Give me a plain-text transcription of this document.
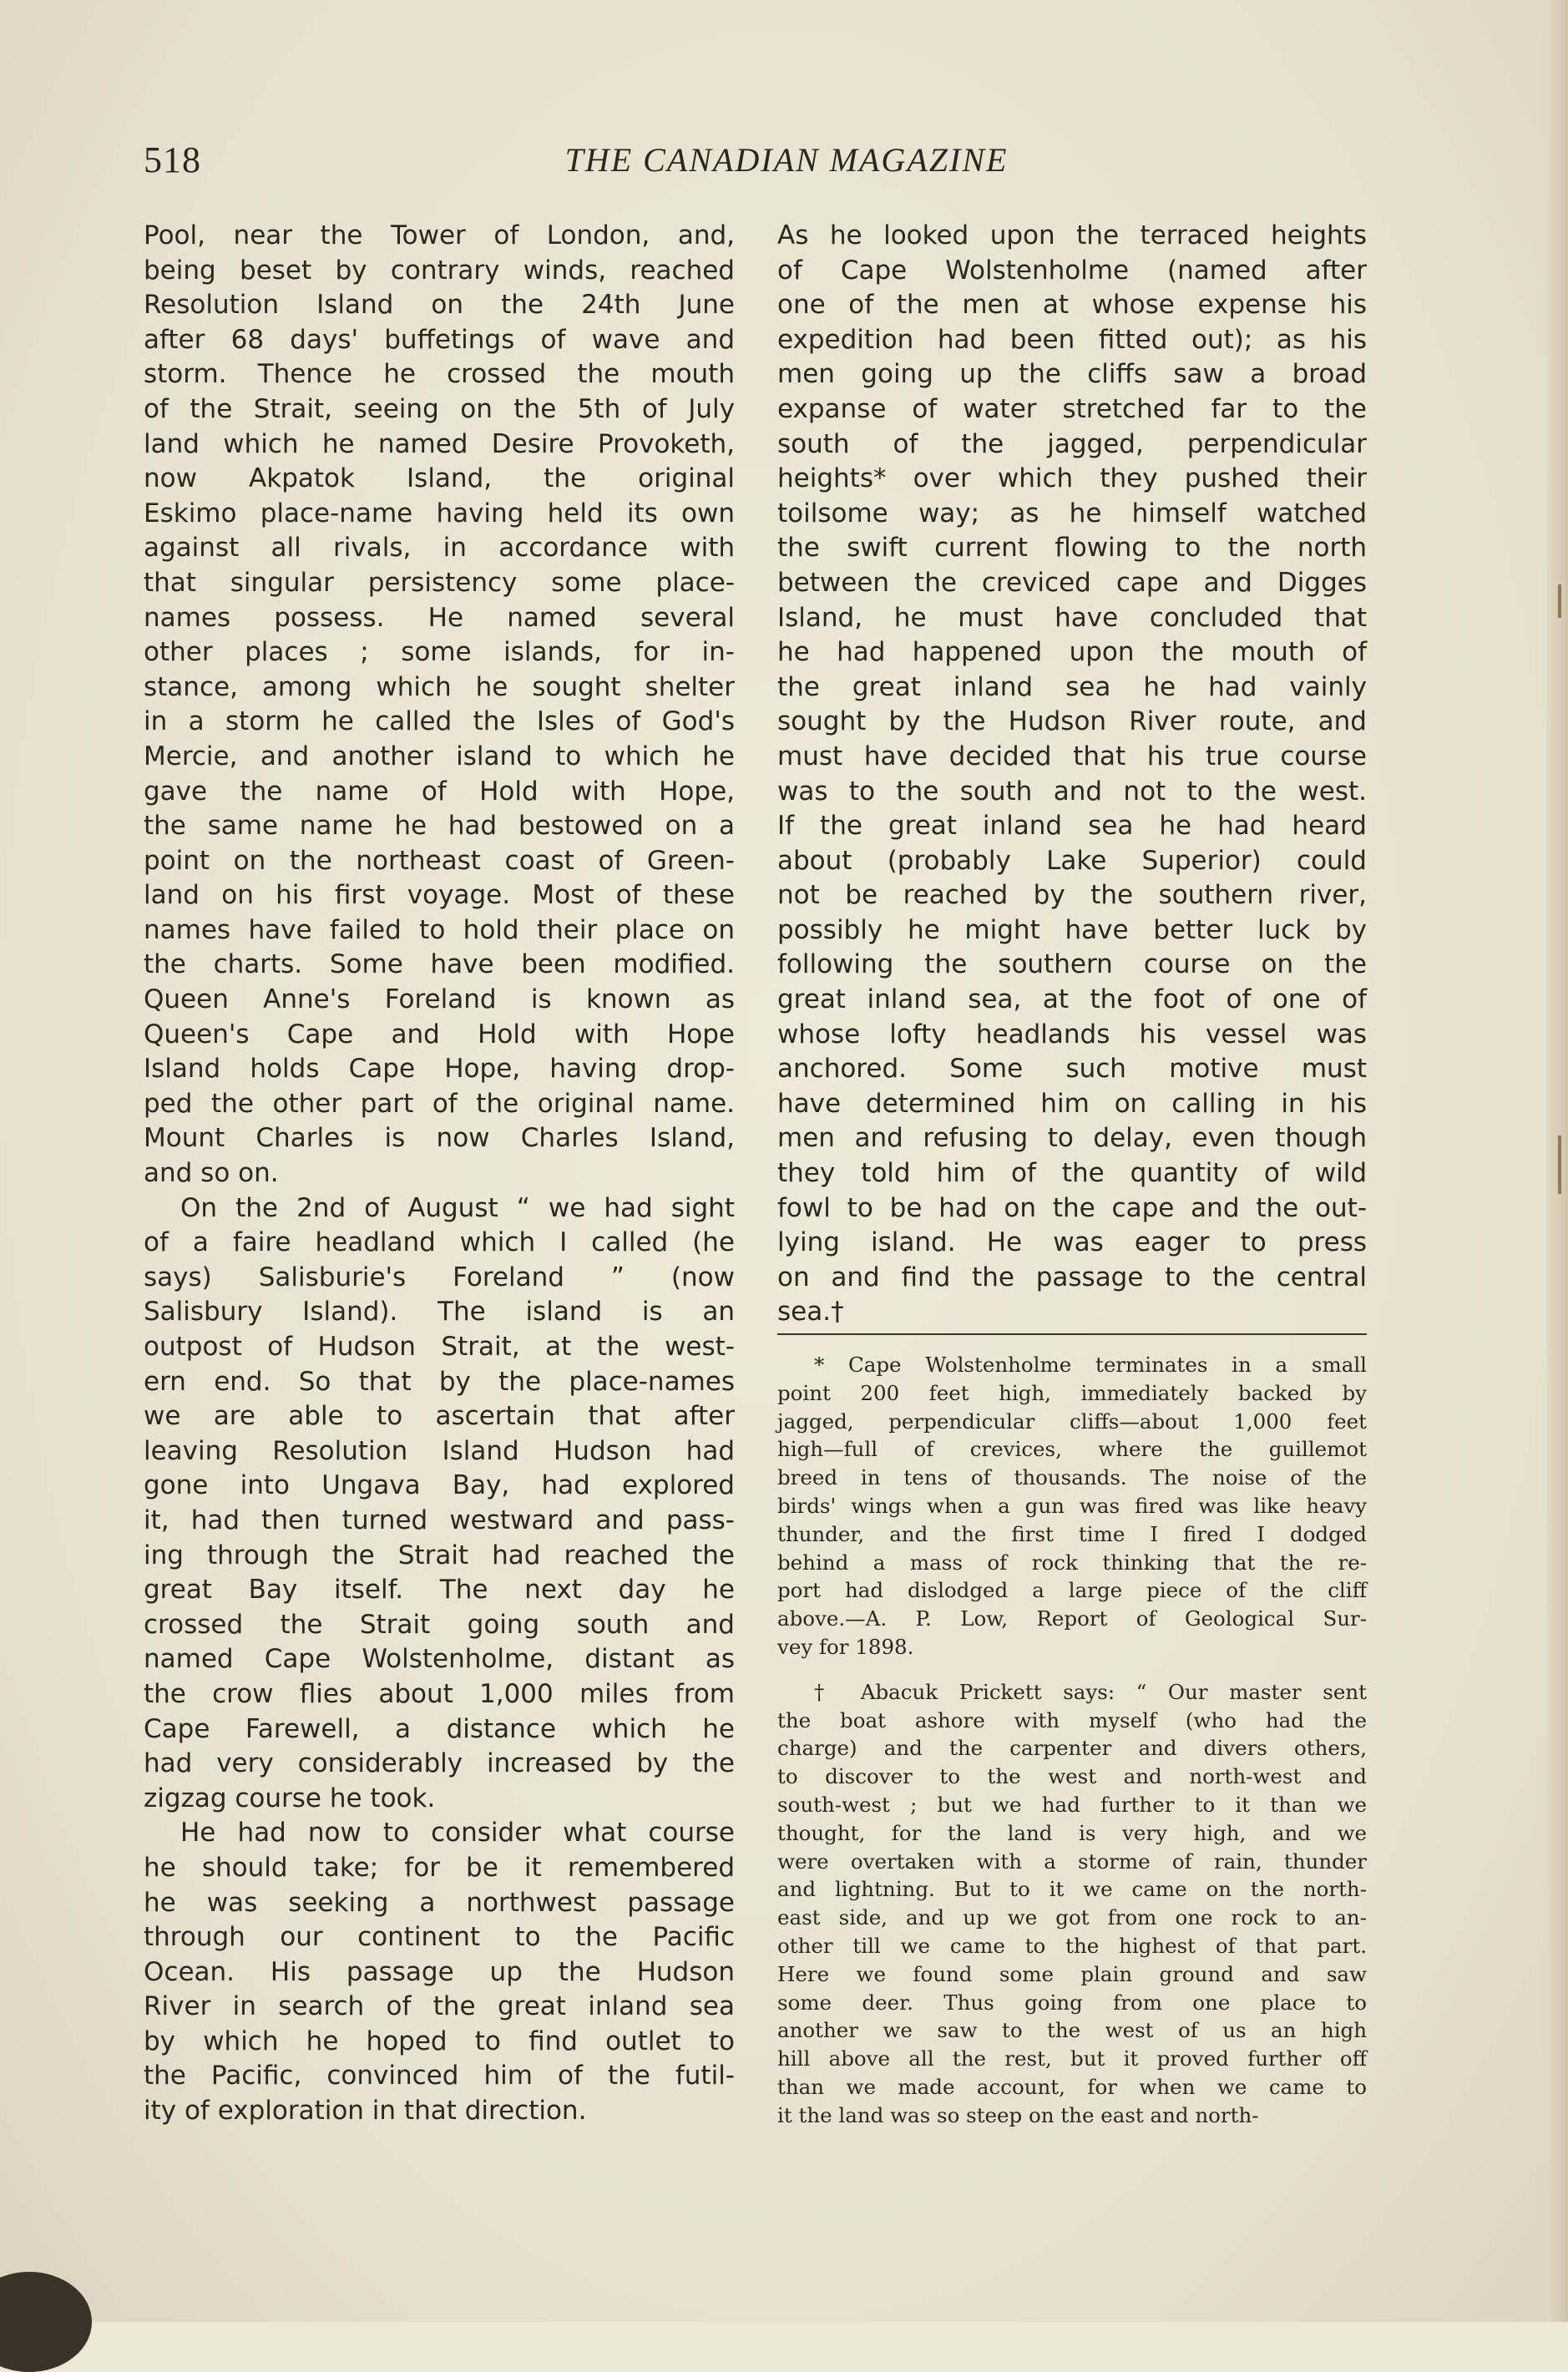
518	THE CANADIAN MAGAZINE

Pool, near the Tower of London, and,
being beset by contrary winds, reached
Resolution Island on the 24th June
after 68 days' buffetings of wave and
storm. Thence he crossed the mouth
of the Strait, seeing on the 5th of July
land which he named Desire Provoketh,
now Akpatok Island, the original
Eskimo place-name having held its own
against all rivals, in accordance with
that singular persistency some place-
names possess. He named several
other places ; some islands, for in-
stance, among which he sought shelter
in a storm he called the Isles of God's
Mercie, and another island to which he
gave the name of Hold with Hope,
the same name he had bestowed on a
point on the northeast coast of Green-
land on his first voyage. Most of these
names have failed to hold their place on
the charts. Some have been modified.
Queen Anne's Foreland is known as
Queen's Cape and Hold with Hope
Island holds Cape Hope, having drop-
ped the other part of the original name.
Mount Charles is now Charles Island,
and so on.

On the 2nd of August “ we had sight
of a faire headland which I called (he
says) Salisburie's Foreland ” (now
Salisbury Island). The island is an
outpost of Hudson Strait, at the west-
ern end. So that by the place-names
we are able to ascertain that after
leaving Resolution Island Hudson had
gone into Ungava Bay, had explored
it, had then turned westward and pass-
ing through the Strait had reached the
great Bay itself. The next day he
crossed the Strait going south and
named Cape Wolstenholme, distant as
the crow flies about 1,000 miles from
Cape Farewell, a distance which he
had very considerably increased by the
zigzag course he took.

He had now to consider what course
he should take; for be it remembered
he was seeking a northwest passage
through our continent to the Pacific
Ocean. His passage up the Hudson
River in search of the great inland sea
by which he hoped to find outlet to
the Pacific, convinced him of the futil-
ity of exploration in that direction.

As he looked upon the terraced heights
of Cape Wolstenholme (named after
one of the men at whose expense his
expedition had been fitted out); as his
men going up the cliffs saw a broad
expanse of water stretched far to the
south of the jagged, perpendicular
heights* over which they pushed their
toilsome way; as he himself watched
the swift current flowing to the north
between the creviced cape and Digges
Island, he must have concluded that
he had happened upon the mouth of
the great inland sea he had vainly
sought by the Hudson River route, and
must have decided that his true course
was to the south and not to the west.
If the great inland sea he had heard
about (probably Lake Superior) could
not be reached by the southern river,
possibly he might have better luck by
following the southern course on the
great inland sea, at the foot of one of
whose lofty headlands his vessel was
anchored. Some such motive must
have determined him on calling in his
men and refusing to delay, even though
they told him of the quantity of wild
fowl to be had on the cape and the out-
lying island. He was eager to press
on and find the passage to the central
sea.†

* Cape Wolstenholme terminates in a small
point 200 feet high, immediately backed by
jagged, perpendicular cliffs—about 1,000 feet
high—full of crevices, where the guillemot
breed in tens of thousands. The noise of the
birds' wings when a gun was fired was like heavy
thunder, and the first time I fired I dodged
behind a mass of rock thinking that the re-
port had dislodged a large piece of the cliff
above.—A. P. Low, Report of Geological Sur-
vey for 1898.

† Abacuk Prickett says: “ Our master sent
the boat ashore with myself (who had the
charge) and the carpenter and divers others,
to discover to the west and north-west and
south-west ; but we had further to it than we
thought, for the land is very high, and we
were overtaken with a storme of rain, thunder
and lightning. But to it we came on the north-
east side, and up we got from one rock to an-
other till we came to the highest of that part.
Here we found some plain ground and saw
some deer. Thus going from one place to
another we saw to the west of us an high
hill above all the rest, but it proved further off
than we made account, for when we came to
it the land was so steep on the east and north-
